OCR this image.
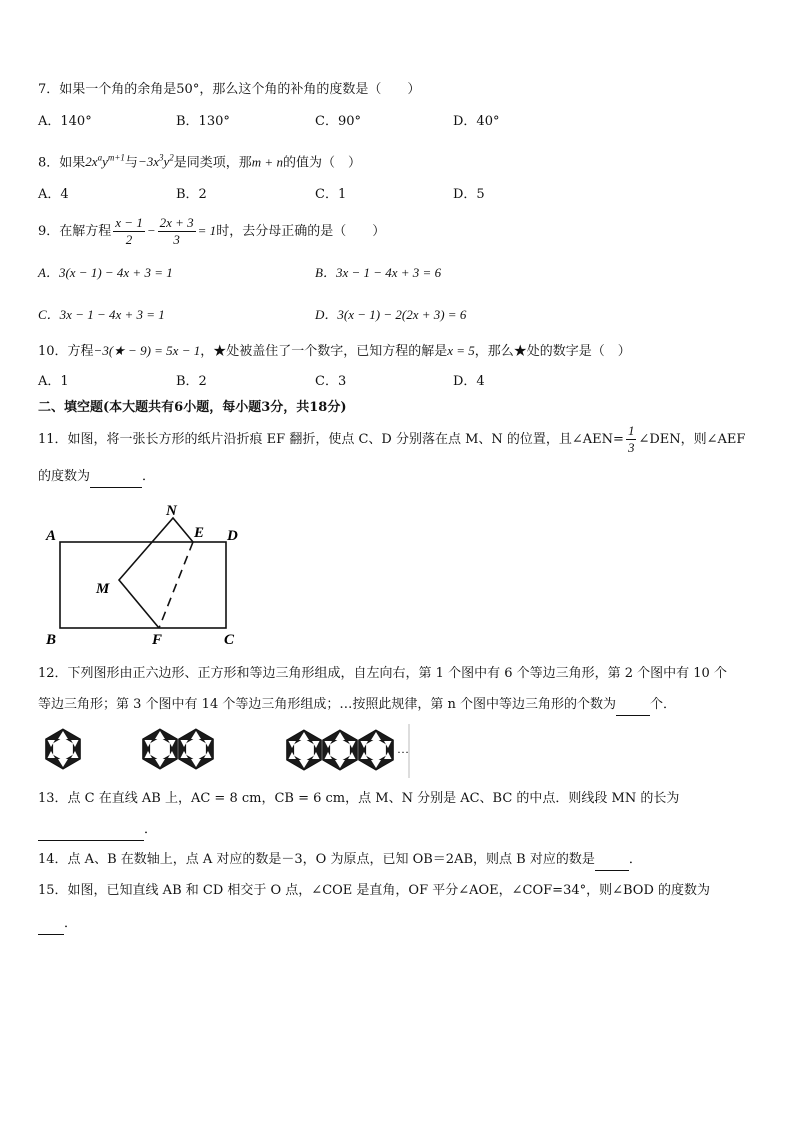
7．如果一个角的余角是50°，那么这个角的补角的度数是（　　）
A．140°	B．130°	C．90°	D．40°
8．如果$2x^ay^{m+1}$与$-3x^3y^2$是同类项，那m + n的值为（　）
A．4	B．2	C．1	D．5
9．在解方程 $\frac{x - 1}{2} - \frac{2x + 3}{3} = 1$时，去分母正确的是（　　）
A．3(x − 1) − 4x + 3 = 1	B．3x − 1 − 4x + 3 = 6
C．3x − 1 − 4x + 3 = 1	D．3(x − 1) − 2(2x + 3) = 6
10．方程−3(★ − 9) = 5x − 1，★处被盖住了一个数字，已知方程的解是x = 5，那么★处的数字是（　）
A．1	B．2	C．3	D．4
二、填空题(本大题共有6小题，每小题3分，共18分)
11．如图，将一张长方形的纸片沿折痕 EF 翻折，使点 C、D 分别落在点 M、N 的位置，且∠AEN= $\frac{1}{3}$ ∠DEN，则∠AEF
的度数为	．
A
B	C
D
E
F
M
N
12．下列图形由正六边形、正方形和等边三角形组成，自左向右，第 1 个图中有 6 个等边三角形，第 2 个图中有 10 个
等边三角形；第 3 个图中有 14 个等边三角形组成；…按照此规律，第 n 个图中等边三角形的个数为	个．
…
13．点 C 在直线 AB 上，AC = 8 cm，CB = 6 cm，点 M、N 分别是 AC、BC 的中点．则线段 MN 的长为
．
14．点 A、B 在数轴上，点 A 对应的数是－3，O 为原点，已知 OB＝2AB，则点 B 对应的数是	．
15．如图，已知直线 AB 和 CD 相交于 O 点，∠COE 是直角，OF 平分∠AOE，∠COF=34°，则∠BOD 的度数为
．
